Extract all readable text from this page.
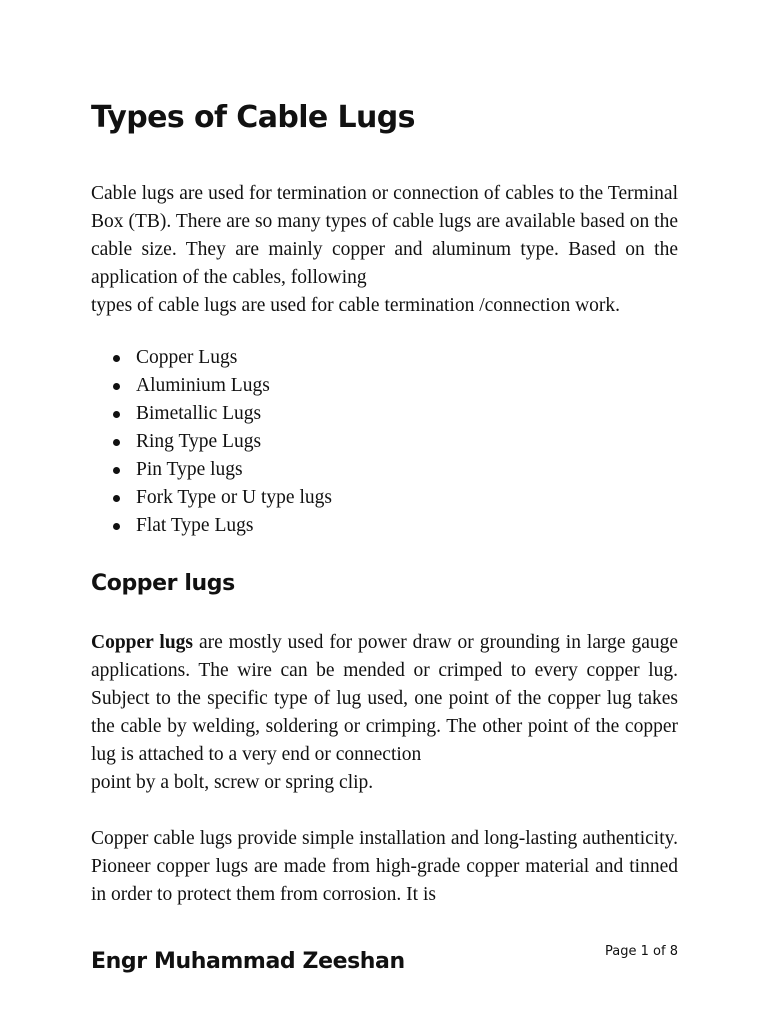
Types of Cable Lugs

Cable lugs are used for termination or connection of cables to the Terminal Box (TB). There are so many types of cable lugs are available based on the cable size. They are mainly copper and aluminum type. Based on the application of the cables, following
types of cable lugs are used for cable termination /connection work.

Copper Lugs
Aluminium Lugs
Bimetallic Lugs
Ring Type Lugs
Pin Type lugs
Fork Type or U type lugs
Flat Type Lugs
Copper lugs

Copper lugs are mostly used for power draw or grounding in large gauge applications. The wire can be mended or crimped to every copper lug. Subject to the specific type of lug used, one point of the copper lug takes the cable by welding, soldering or crimping. The other point of the copper lug is attached to a very end or connection
point by a bolt, screw or spring clip.

Copper cable lugs provide simple installation and long-lasting authenticity. Pioneer copper lugs are made from high-grade copper material and tinned in order to protect them from corrosion. It is

Engr Muhammad Zeeshan	Page 1 of 8
